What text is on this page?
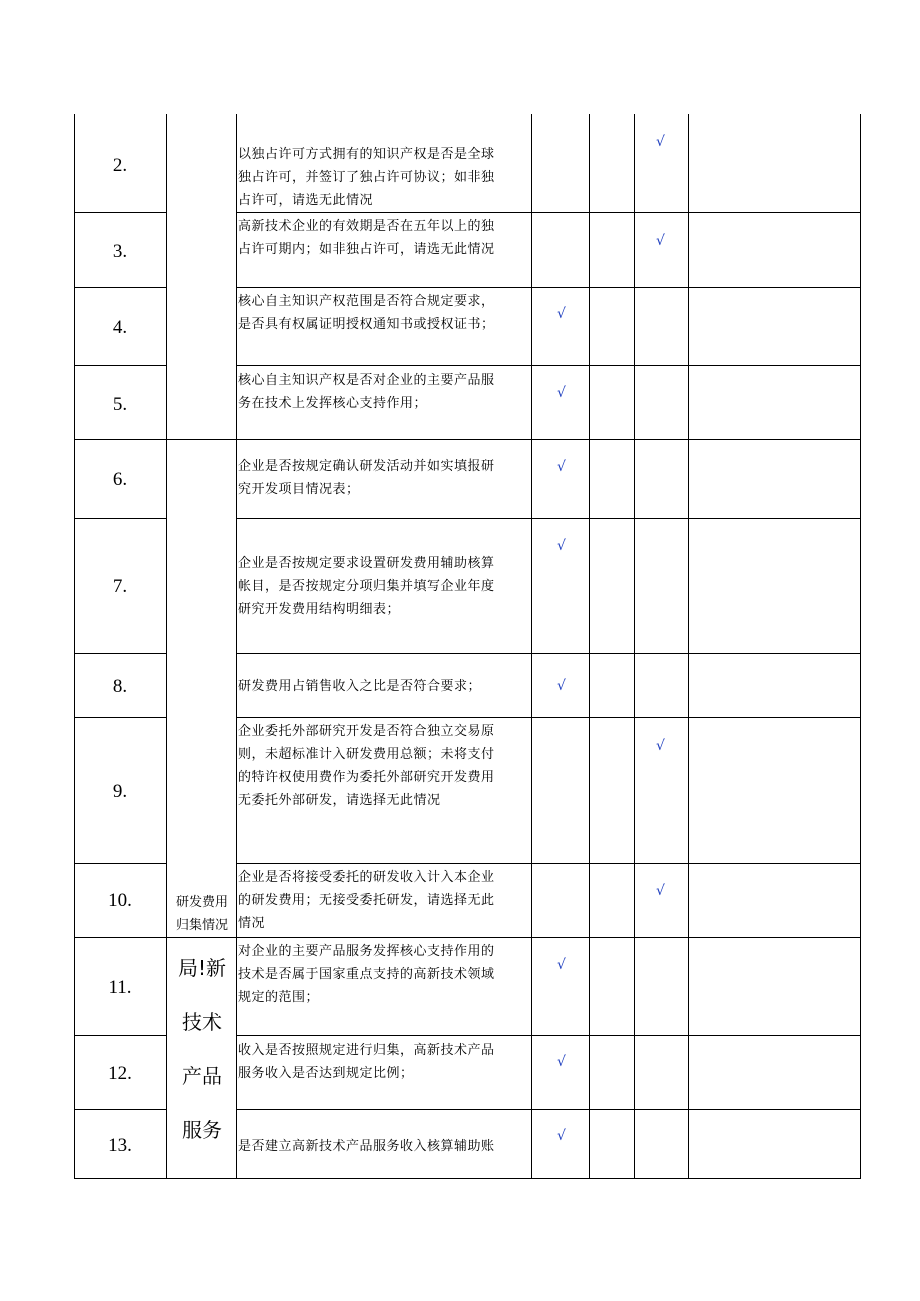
2.
3.
4.
5.
6.
7.
8.
9.
10.
11.
12.
13.
以独占许可方式拥有的知识产权是否是全球
独占许可，并签订了独占许可协议；如非独
占许可，请选无此情况
高新技术企业的有效期是否在五年以上的独
占许可期内；如非独占许可，请选无此情况
核心自主知识产权范围是否符合规定要求，
是否具有权属证明授权通知书或授权证书；
核心自主知识产权是否对企业的主要产品服
务在技术上发挥核心支持作用；
企业是否按规定确认研发活动并如实填报研
究开发项目情况表；
企业是否按规定要求设置研发费用辅助核算
帐目，是否按规定分项归集并填写企业年度
研究开发费用结构明细表；
研发费用占销售收入之比是否符合要求；
企业委托外部研究开发是否符合独立交易原
则，未超标准计入研发费用总额；未将支付
的特许权使用费作为委托外部研究开发费用
无委托外部研发，请选择无此情况
企业是否将接受委托的研发收入计入本企业
的研发费用；无接受委托研发，请选择无此
情况
对企业的主要产品服务发挥核心支持作用的
技术是否属于国家重点支持的高新技术领域
规定的范围；
收入是否按照规定进行归集，高新技术产品
服务收入是否达到规定比例；
是否建立高新技术产品服务收入核算辅助账
√
√
√
√
√
√
√
√
√
√
√
√
研发费用
归集情况
局!新
技术
产品
服务
